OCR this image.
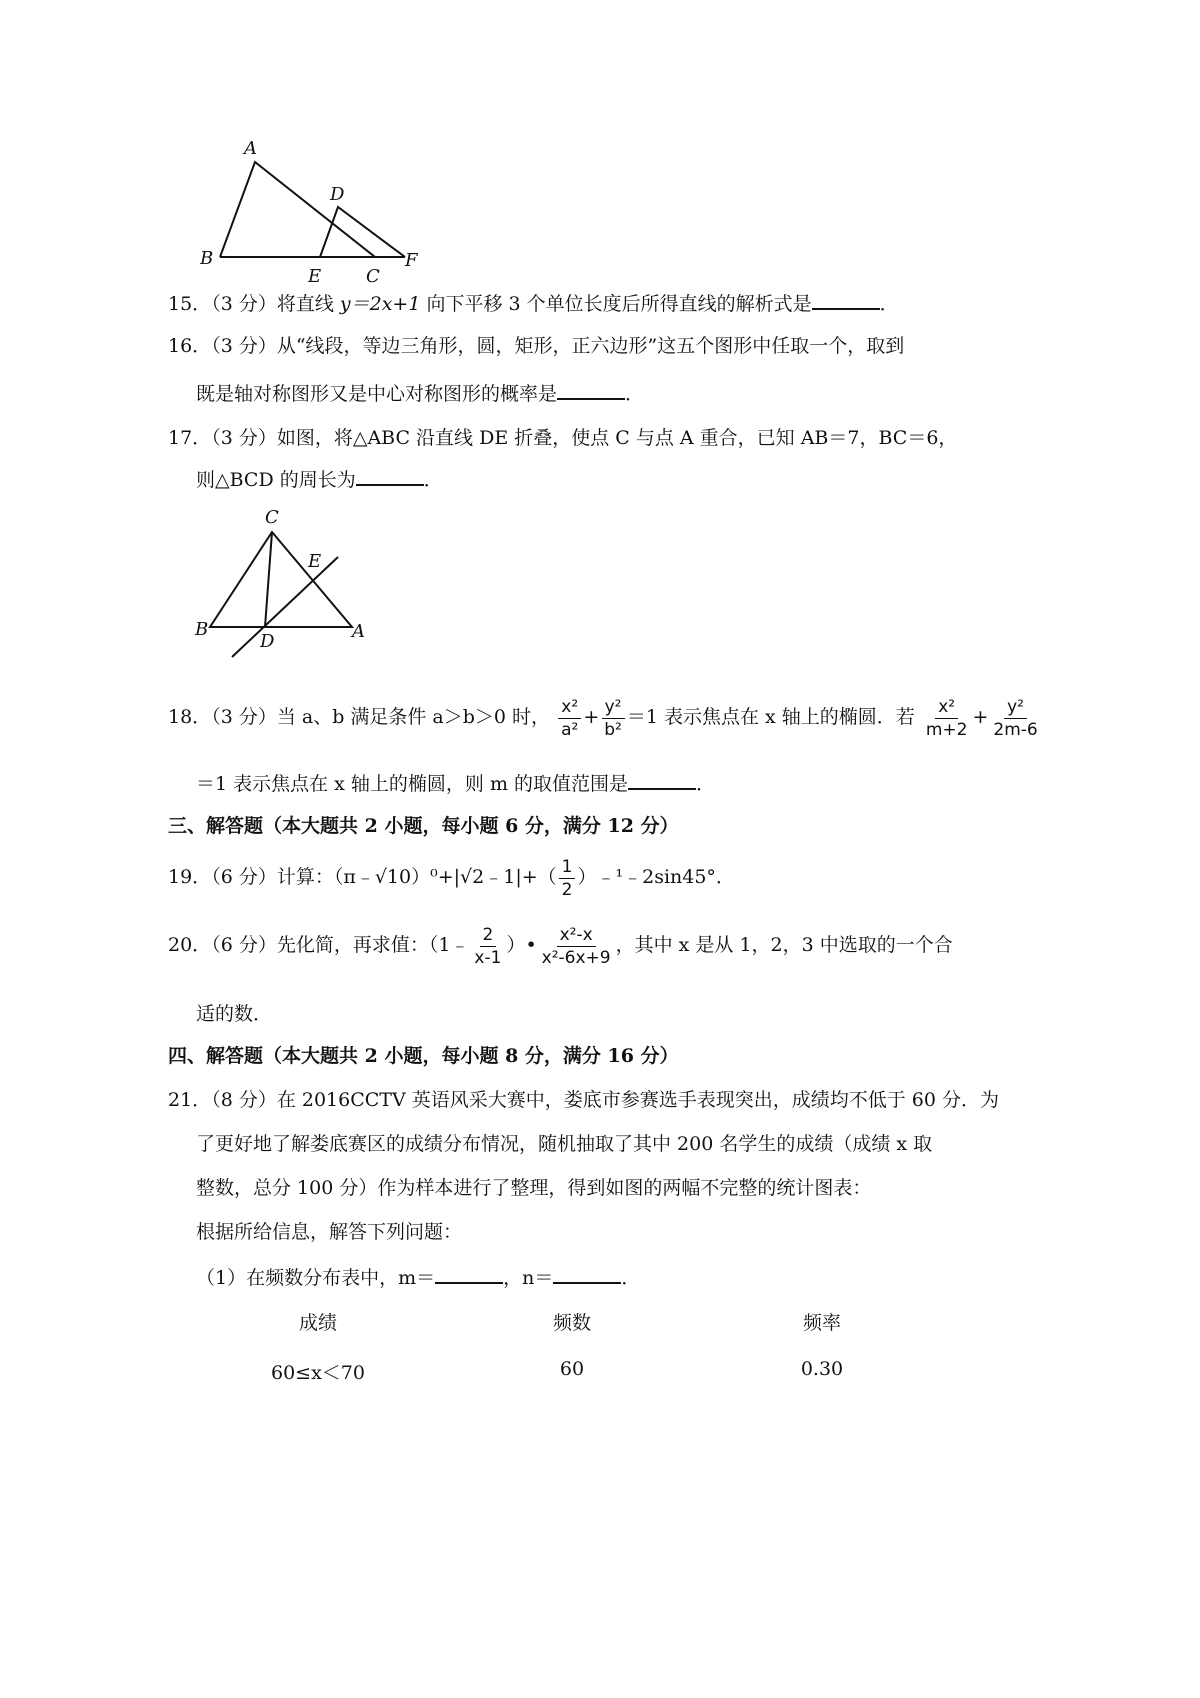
A
B
C
D
E
F
15．（3 分）将直线 y＝2x+1 向下平移 3 个单位长度后所得直线的解析式是	．
16．（3 分）从“线段，等边三角形，圆，矩形，正六边形”这五个图形中任取一个，取到
既是轴对称图形又是中心对称图形的概率是	．
17．（3 分）如图，将△ABC 沿直线 DE 折叠，使点 C 与点 A 重合，已知 AB＝7，BC＝6，
则△BCD 的周长为	．
C
B	A
D
E
18．（3 分）当 a、b 满足条件 a＞b＞0 时， $\frac{\text{x²}}{\text{a²}} + \frac{\text{y²}}{\text{b²}} =1$ 表示焦点在 x 轴上的椭圆．若 $\frac{\text{x²}}{m+2} + \frac{\text{y²}}{2m-6}$
＝1 表示焦点在 x 轴上的椭圆，则 m 的取值范围是	．
三、解答题（本大题共 2 小题，每小题 6 分，满分 12 分）
19．（6 分）计算：（π﹣√10）⁰+|√2﹣1|+（ $\frac{1}{2}$ ）﹣¹﹣2sin45°．
20．（6 分）先化简，再求值：（1﹣ $\frac{2}{x-1}$ ）• $\frac{\text{x²-x}}{\text{x²-6x+9}}$ ，其中 x 是从 1，2，3 中选取的一个合
适的数．
四、解答题（本大题共 2 小题，每小题 8 分，满分 16 分）
21．（8 分）在 2016CCTV 英语风采大赛中，娄底市参赛选手表现突出，成绩均不低于 60 分．为
了更好地了解娄底赛区的成绩分布情况，随机抽取了其中 200 名学生的成绩（成绩 x 取
整数，总分 100 分）作为样本进行了整理，得到如图的两幅不完整的统计图表：
根据所给信息，解答下列问题：
（1）在频数分布表中，m＝	，n＝	．
成绩	频数	频率
60≤x＜70	60	0.30
